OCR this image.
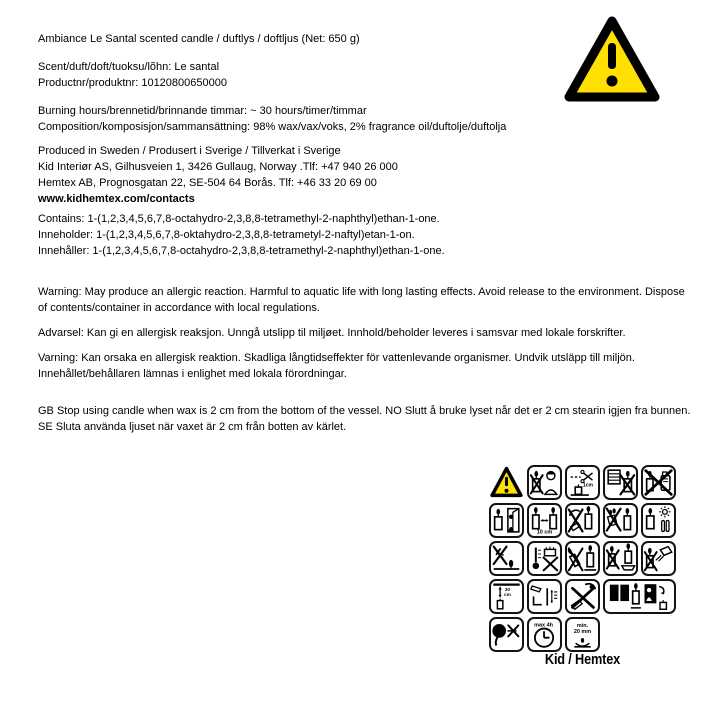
Ambiance Le Santal scented candle / duftlys / doftljus (Net: 650 g)
Scent/duft/doft/tuoksu/lõhn: Le santal
Productnr/produktnr: 10120800650000
Burning hours/brennetid/brinnande timmar: ~ 30 hours/timer/timmar
Composition/komposisjon/sammansättning: 98% wax/vax/voks, 2% fragrance oil/duftolje/duftolja
Produced in Sweden / Produsert i Sverige / Tillverkat i Sverige
Kid Interiør AS, Gilhusveien 1, 3426 Gullaug, Norway .Tlf: +47 940 26 000
Hemtex AB, Prognosgatan 22, SE-504 64 Borås. Tlf: +46 33 20 69 00
www.kidhemtex.com/contacts
Contains: 1-(1,2,3,4,5,6,7,8-octahydro-2,3,8,8-tetramethyl-2-naphthyl)ethan-1-one.
Inneholder: 1-(1,2,3,4,5,6,7,8-oktahydro-2,3,8,8-tetrametyl-2-naftyl)etan-1-on.
Innehåller: 1-(1,2,3,4,5,6,7,8-octahydro-2,3,8,8-tetramethyl-2-naphthyl)ethan-1-one.
Warning: May produce an allergic reaction. Harmful to aquatic life with long lasting effects. Avoid release to the environment. Dispose of contents/container in accordance with local regulations.
Advarsel: Kan gi en allergisk reaksjon. Unngå utslipp til miljøet. Innhold/beholder leveres i samsvar med lokale forskrifter.
Varning: Kan orsaka en allergisk reaktion. Skadliga långtidseffekter för vattenlevande organismer. Undvik utsläpp till miljön. Innehållet/behållaren lämnas i enlighet med lokala förordningar.
GB Stop using candle when wax is 2 cm from the bottom of the vessel. NO Slutt å bruke lyset når det er 2 cm stearin igjen fra bunnen. SE Sluta använda ljuset när vaxet är 2 cm från botten av kärlet.
1cm
10 cm
30
cm
max 4h	min.
20 mm
Kid / Hemtex
